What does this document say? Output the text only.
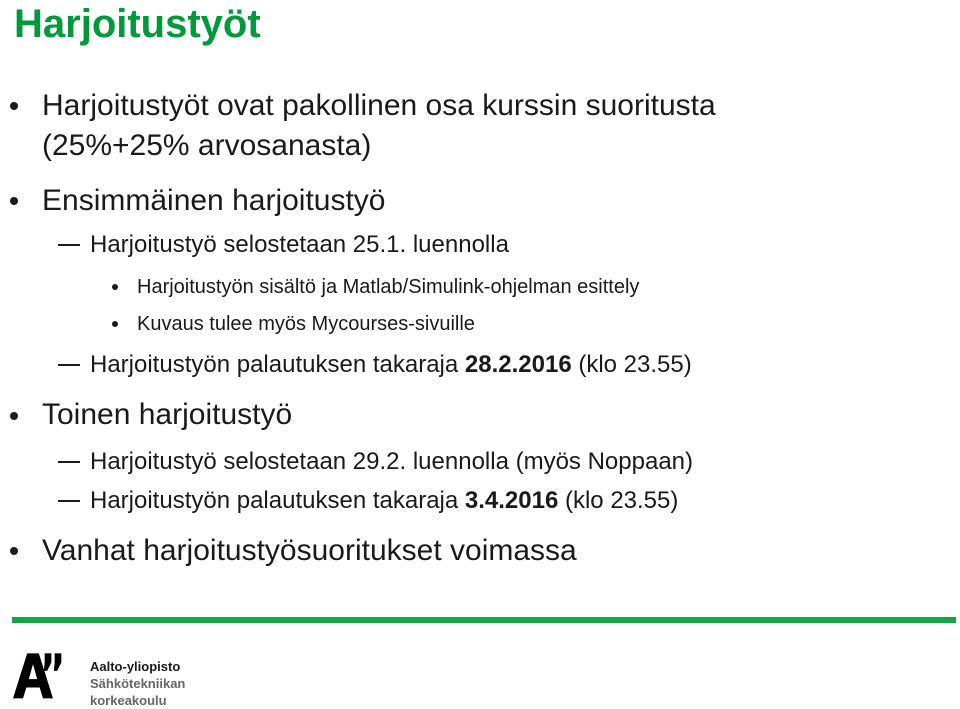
Harjoitustyöt
Harjoitustyöt ovat pakollinen osa kurssin suoritusta
(25%+25% arvosanasta)
Ensimmäinen harjoitustyö
Harjoitustyö selostetaan 25.1. luennolla
Harjoitustyön sisältö ja Matlab/Simulink-ohjelman esittely
Kuvaus tulee myös Mycourses-sivuille
Harjoitustyön palautuksen takaraja 28.2.2016 (klo 23.55)
Toinen harjoitustyö
Harjoitustyö selostetaan 29.2. luennolla (myös Noppaan)
Harjoitustyön palautuksen takaraja 3.4.2016 (klo 23.55)
Vanhat harjoitustyösuoritukset voimassa
Aalto-yliopisto
Sähkötekniikan
korkeakoulu
